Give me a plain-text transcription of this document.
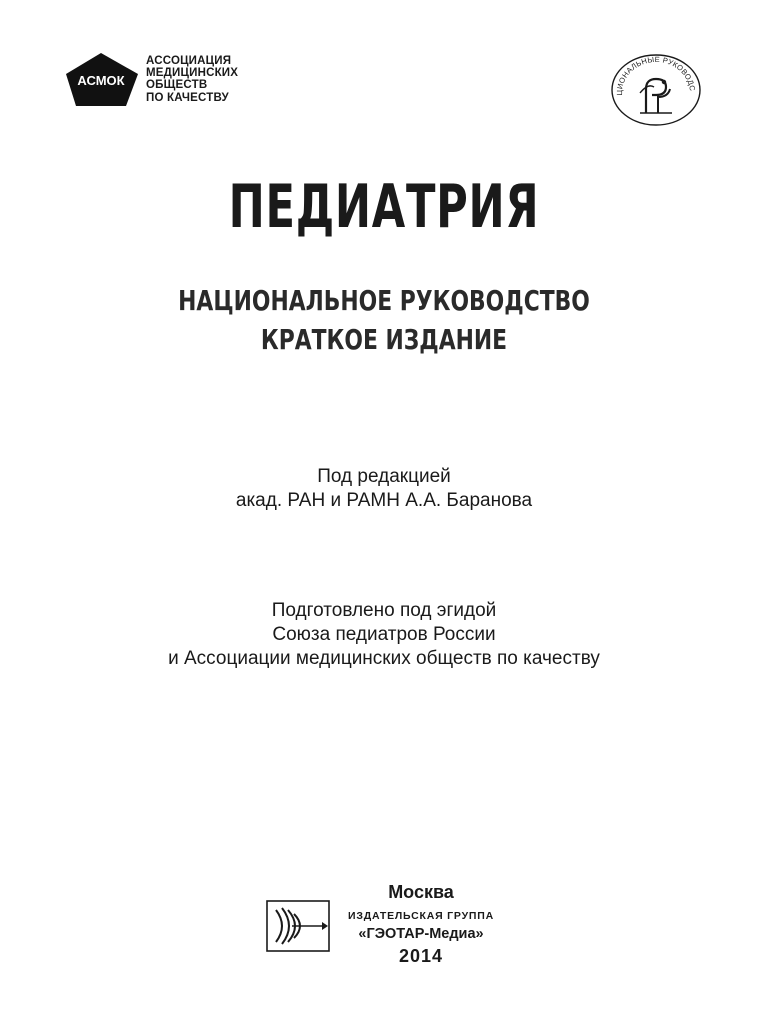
АСМОК
АССОЦИАЦИЯ
МЕДИЦИНСКИХ
ОБЩЕСТВ
ПО КАЧЕСТВУ	ЦИОНАЛЬНЫЕ РУКОВОДС
ПЕДИАТРИЯ
НАЦИОНАЛЬНОЕ РУКОВОДСТВО
КРАТКОЕ ИЗДАНИЕ
Под редакцией
акад. РАН и РАМН А.А. Баранова
Подготовлено под эгидой
Союза педиатров России
и Ассоциации медицинских обществ по качеству
Москва
ИЗДАТЕЛЬСКАЯ ГРУППА
«ГЭОТАР-Медиа»
2014
